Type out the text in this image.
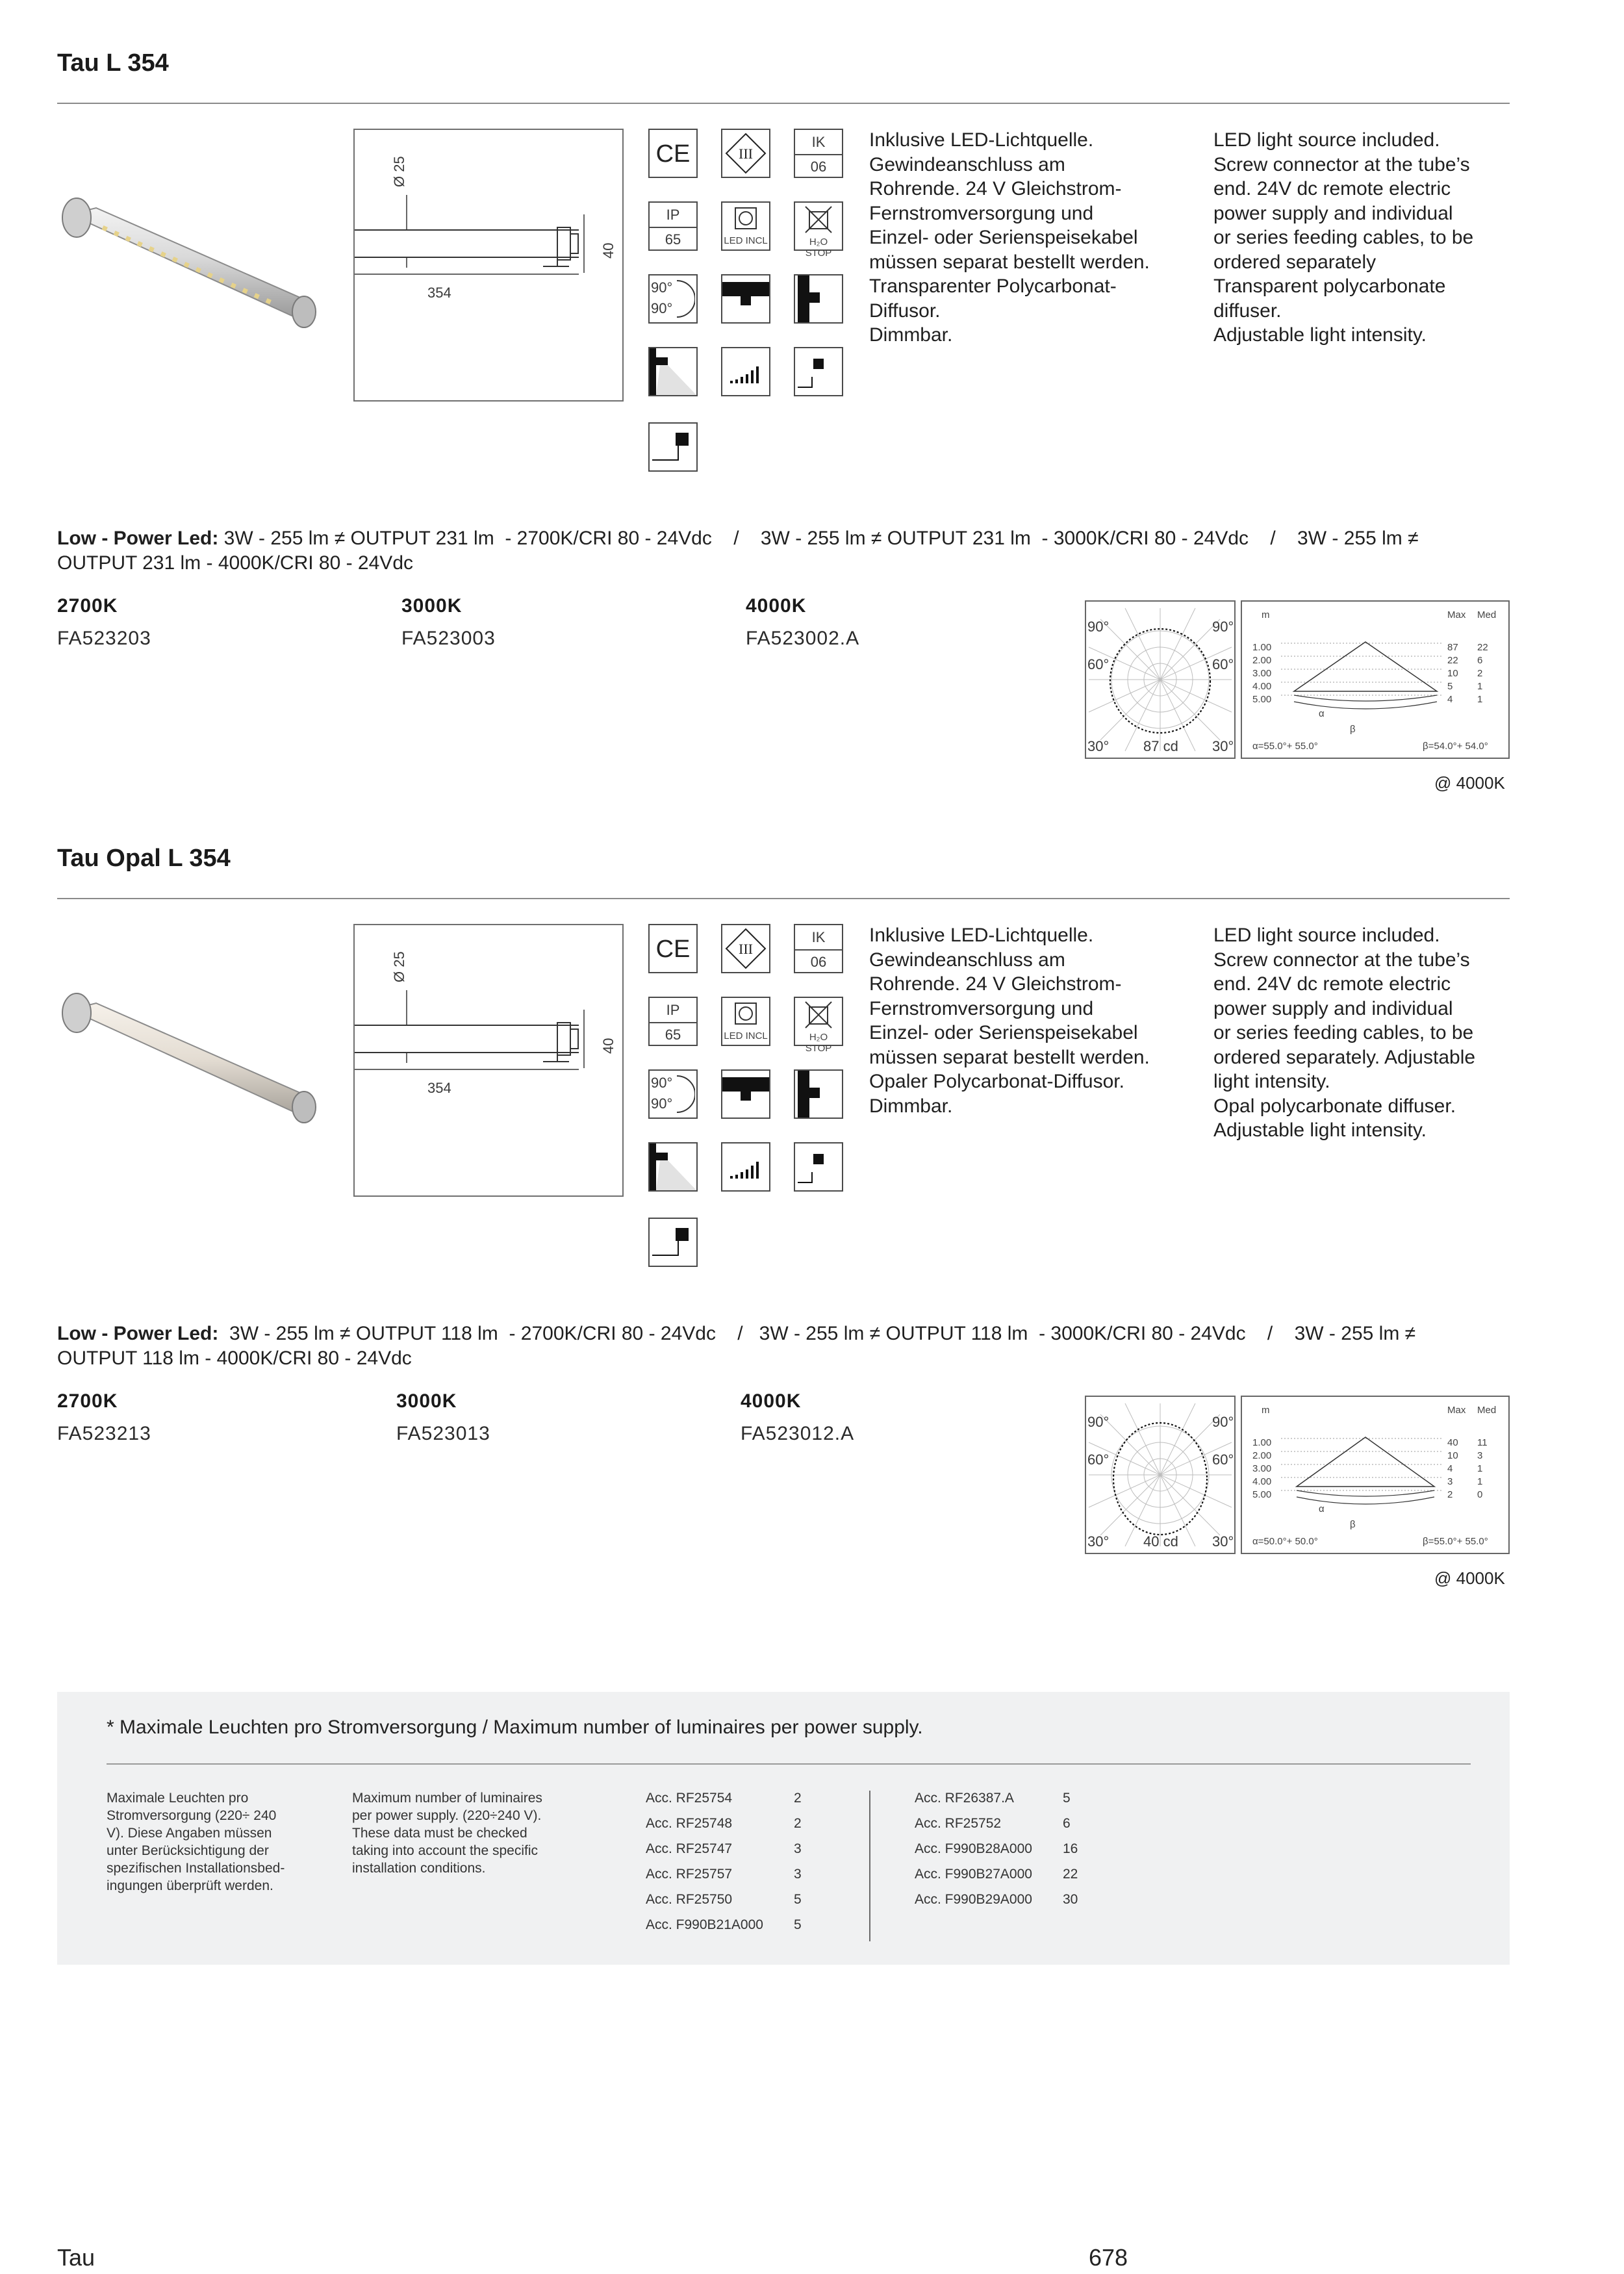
Tau L 354
Ø 25
40
354
CE	III
IK
06
IP
65	LED INCL	H₂O STOP
90°
90°
Inklusive LED-Lichtquelle.
Gewindeanschluss am
Rohrende. 24 V Gleichstrom-
Fernstromversorgung und
Einzel- oder Serienspeisekabel
müssen separat bestellt werden.
Transparenter Polycarbonat-
Diffusor.
Dimmbar.
LED light source included.
Screw connector at the tube’s
end. 24V dc remote electric
power supply and individual
or series feeding cables, to be
ordered separately
Transparent polycarbonate
diffuser.
Adjustable light intensity.
Low - Power Led: 3W - 255 lm ≠ OUTPUT 231 lm  - 2700K/CRI 80 - 24Vdc    /    3W - 255 lm ≠ OUTPUT 231 lm  - 3000K/CRI 80 - 24Vdc    /    3W - 255 lm ≠
OUTPUT 231 lm - 4000K/CRI 80 - 24Vdc
2700K
FA523203
3000K
FA523003
4000K
FA523002.A
90°	90°
60°	60°
30°	30°
87 cd
m	Max Med
1.00	87 22
2.00	22 6
3.00	10 2
4.00	5	1
5.00	4	1
α
β
α=55.0°+ 55.0°	β=54.0°+ 54.0°
@ 4000K
Tau Opal L 354
Ø 25
40
354
CE	III
IK
06
IP
65	LED INCL	H₂O STOP
90°
90°
Inklusive LED-Lichtquelle.
Gewindeanschluss am
Rohrende. 24 V Gleichstrom-
Fernstromversorgung und
Einzel- oder Serienspeisekabel
müssen separat bestellt werden.
Opaler Polycarbonat-Diffusor.
Dimmbar.
LED light source included.
Screw connector at the tube’s
end. 24V dc remote electric
power supply and individual
or series feeding cables, to be
ordered separately. Adjustable
light intensity.
Opal polycarbonate diffuser.
Adjustable light intensity.
Low - Power Led:  3W - 255 lm ≠ OUTPUT 118 lm  - 2700K/CRI 80 - 24Vdc    /   3W - 255 lm ≠ OUTPUT 118 lm  - 3000K/CRI 80 - 24Vdc    /    3W - 255 lm ≠
OUTPUT 118 lm - 4000K/CRI 80 - 24Vdc
2700K
FA523213
3000K
FA523013
4000K
FA523012.A
90°	90°
60°	60°
30°	30°
40 cd
m	Max Med
1.00	40 11
2.00	10 3
3.00	4	1
4.00	3	1
5.00	2	0
α
β
α=50.0°+ 50.0°	β=55.0°+ 55.0°
@ 4000K
* Maximale Leuchten pro Stromversorgung / Maximum number of luminaires per power supply.
Maximale Leuchten pro
Stromversorgung (220÷ 240
V). Diese Angaben müssen
unter Berücksichtigung der
spezifischen Installationsbed-
ingungen überprüft werden.
Maximum number of luminaires
per power supply. (220÷240 V).
These data must be checked
taking into account the specific
installation conditions.
Acc. RF25754	2
Acc. RF25748	2
Acc. RF25747	3
Acc. RF25757	3
Acc. RF25750	5
Acc. F990B21A000	5
Acc. RF26387.A	5
Acc. RF25752	6
Acc. F990B28A000	16
Acc. F990B27A000	22
Acc. F990B29A000	30
Tau	678
